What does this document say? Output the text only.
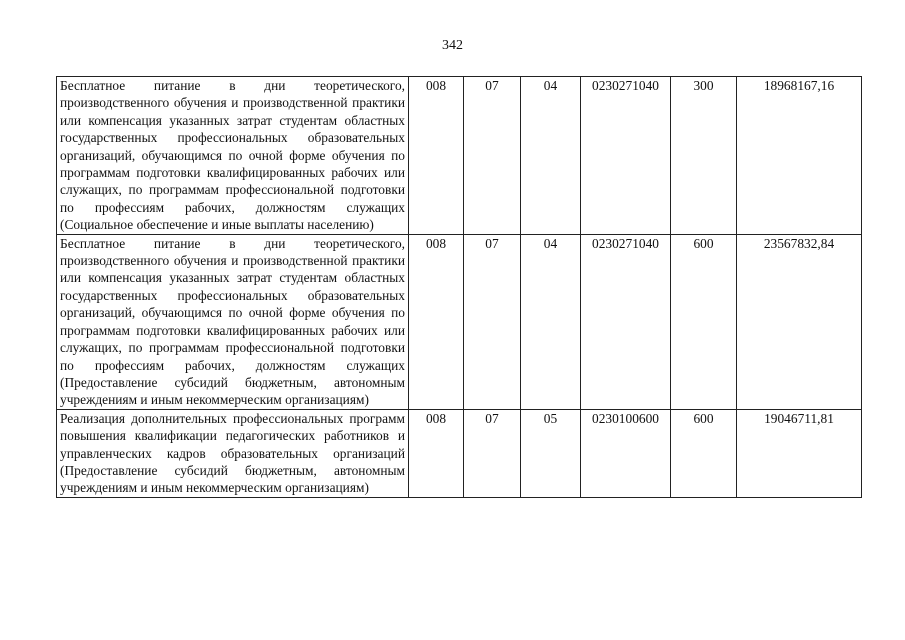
342
Бесплатное питание в дни теоретического, производственного обучения и производственной практики или компенсация указанных затрат студентам областных государственных профессиональных образовательных организаций, обучающимся по очной форме обучения по программам подготовки квалифицированных рабочих или служащих, по программам профессиональной подготовки по профессиям рабочих, должностям служащих (Социальное обеспечение и иные выплаты населению)	008	07	04	0230271040	300	18968167,16
Бесплатное питание в дни теоретического, производственного обучения и производственной практики или компенсация указанных затрат студентам областных государственных профессиональных образовательных организаций, обучающимся по очной форме обучения по программам подготовки квалифицированных рабочих или служащих, по программам профессиональной подготовки по профессиям рабочих, должностям служащих (Предоставление субсидий бюджетным, автономным учреждениям и иным некоммерческим организациям)	008	07	04	0230271040	600	23567832,84
Реализация дополнительных профессиональных программ повышения квалификации педагогических работников и управленческих кадров образовательных организаций (Предоставление субсидий бюджетным, автономным учреждениям и иным некоммерческим организациям)	008	07	05	0230100600	600	19046711,81
